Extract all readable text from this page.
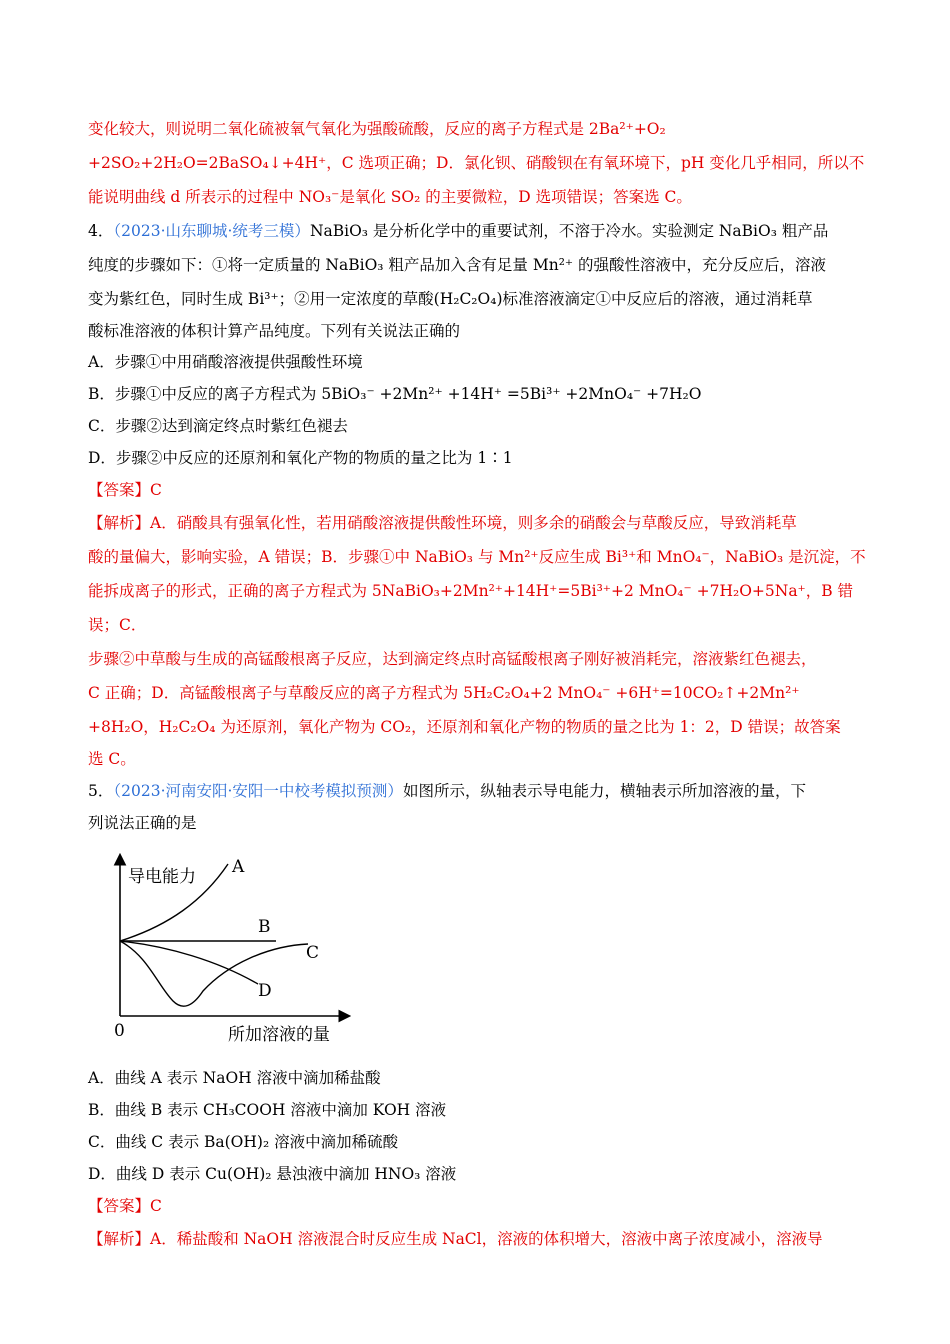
变化较大，则说明二氧化硫被氧气氧化为强酸硫酸，反应的离子方程式是 2Ba²⁺+O₂

+2SO₂+2H₂O=2BaSO₄↓+4H⁺，C 选项正确；D．氯化钡、硝酸钡在有氧环境下，pH 变化几乎相同，所以不

能说明曲线 d 所表示的过程中 NO₃⁻是氧化 SO₂ 的主要微粒，D 选项错误；答案选 C。

4．（2023·山东聊城·统考三模）NaBiO₃ 是分析化学中的重要试剂，不溶于冷水。实验测定 NaBiO₃ 粗产品

纯度的步骤如下：①将一定质量的 NaBiO₃ 粗产品加入含有足量 Mn²⁺ 的强酸性溶液中，充分反应后，溶液

变为紫红色，同时生成 Bi³⁺；②用一定浓度的草酸(H₂C₂O₄)标准溶液滴定①中反应后的溶液，通过消耗草

酸标准溶液的体积计算产品纯度。下列有关说法正确的

A．步骤①中用硝酸溶液提供强酸性环境

B．步骤①中反应的离子方程式为 5BiO₃⁻ +2Mn²⁺ +14H⁺ =5Bi³⁺ +2MnO₄⁻ +7H₂O

C．步骤②达到滴定终点时紫红色褪去

D．步骤②中反应的还原剂和氧化产物的物质的量之比为 1∶1

【答案】C

【解析】A．硝酸具有强氧化性，若用硝酸溶液提供酸性环境，则多余的硝酸会与草酸反应，导致消耗草

酸的量偏大，影响实验，A 错误；B．步骤①中 NaBiO₃ 与 Mn²⁺反应生成 Bi³⁺和 MnO₄⁻，NaBiO₃ 是沉淀，不

能拆成离子的形式，正确的离子方程式为 5NaBiO₃+2Mn²⁺+14H⁺=5Bi³⁺+2 MnO₄⁻ +7H₂O+5Na⁺，B 错误；C．

步骤②中草酸与生成的高锰酸根离子反应，达到滴定终点时高锰酸根离子刚好被消耗完，溶液紫红色褪去，

C 正确；D．高锰酸根离子与草酸反应的离子方程式为 5H₂C₂O₄+2 MnO₄⁻ +6H⁺=10CO₂↑+2Mn²⁺

+8H₂O，H₂C₂O₄ 为还原剂，氧化产物为 CO₂，还原剂和氧化产物的物质的量之比为 1：2，D 错误；故答案

选 C。

5．（2023·河南安阳·安阳一中校考模拟预测）如图所示，纵轴表示导电能力，横轴表示所加溶液的量，下

列说法正确的是

导电能力
所加溶液的量
0
A
B
C
D

A．曲线 A 表示 NaOH 溶液中滴加稀盐酸

B．曲线 B 表示 CH₃COOH 溶液中滴加 KOH 溶液

C．曲线 C 表示 Ba(OH)₂ 溶液中滴加稀硫酸

D．曲线 D 表示 Cu(OH)₂ 悬浊液中滴加 HNO₃ 溶液

【答案】C

【解析】A．稀盐酸和 NaOH 溶液混合时反应生成 NaCl，溶液的体积增大，溶液中离子浓度减小，溶液导
